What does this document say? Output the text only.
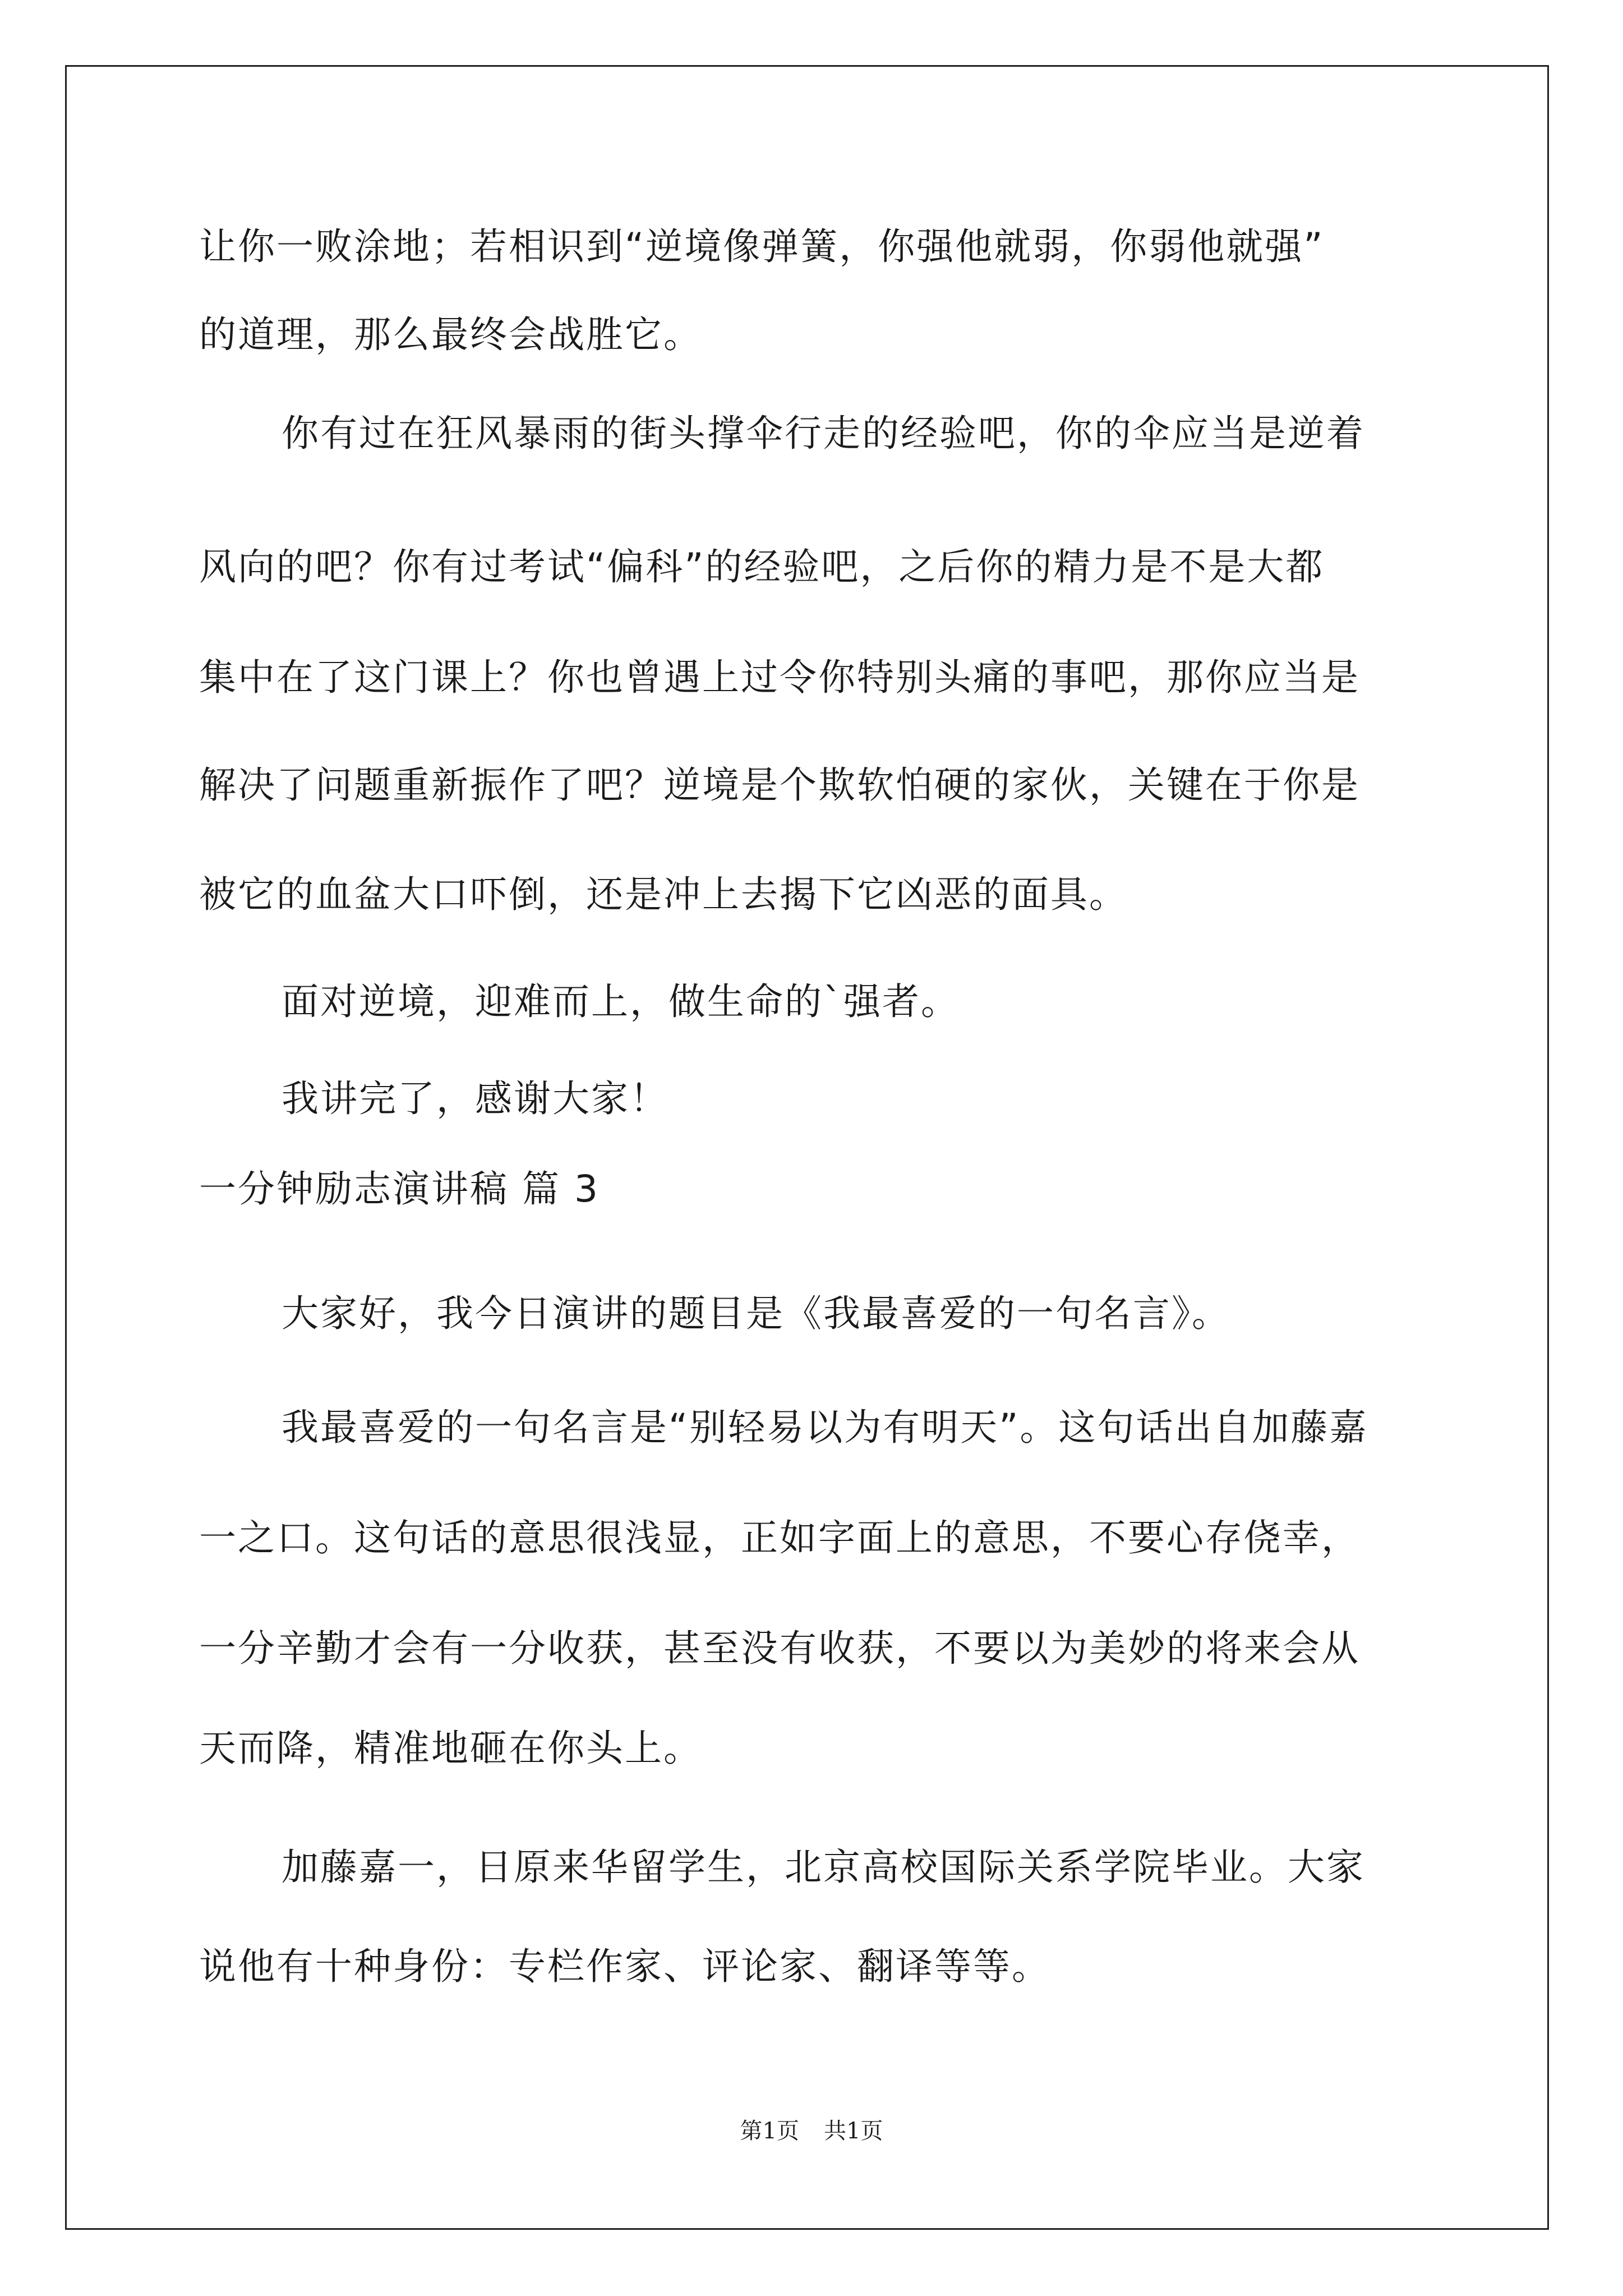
让你一败涂地；若相识到“逆境像弹簧，你强他就弱，你弱他就强”
的道理，那么最终会战胜它。
你有过在狂风暴雨的街头撑伞行走的经验吧，你的伞应当是逆着
风向的吧？你有过考试“偏科”的经验吧，之后你的精力是不是大都
集中在了这门课上？你也曾遇上过令你特别头痛的事吧，那你应当是
解决了问题重新振作了吧？逆境是个欺软怕硬的家伙，关键在于你是
被它的血盆大口吓倒，还是冲上去揭下它凶恶的面具。
面对逆境，迎难而上，做生命的`强者。
我讲完了，感谢大家！
一分钟励志演讲稿 篇 3
大家好，我今日演讲的题目是《我最喜爱的一句名言》。
我最喜爱的一句名言是“别轻易以为有明天”。这句话出自加藤嘉
一之口。这句话的意思很浅显，正如字面上的意思，不要心存侥幸，
一分辛勤才会有一分收获，甚至没有收获，不要以为美妙的将来会从
天而降，精准地砸在你头上。
加藤嘉一，日原来华留学生，北京高校国际关系学院毕业。大家
说他有十种身份：专栏作家、评论家、翻译等等。
第1页 共1页
